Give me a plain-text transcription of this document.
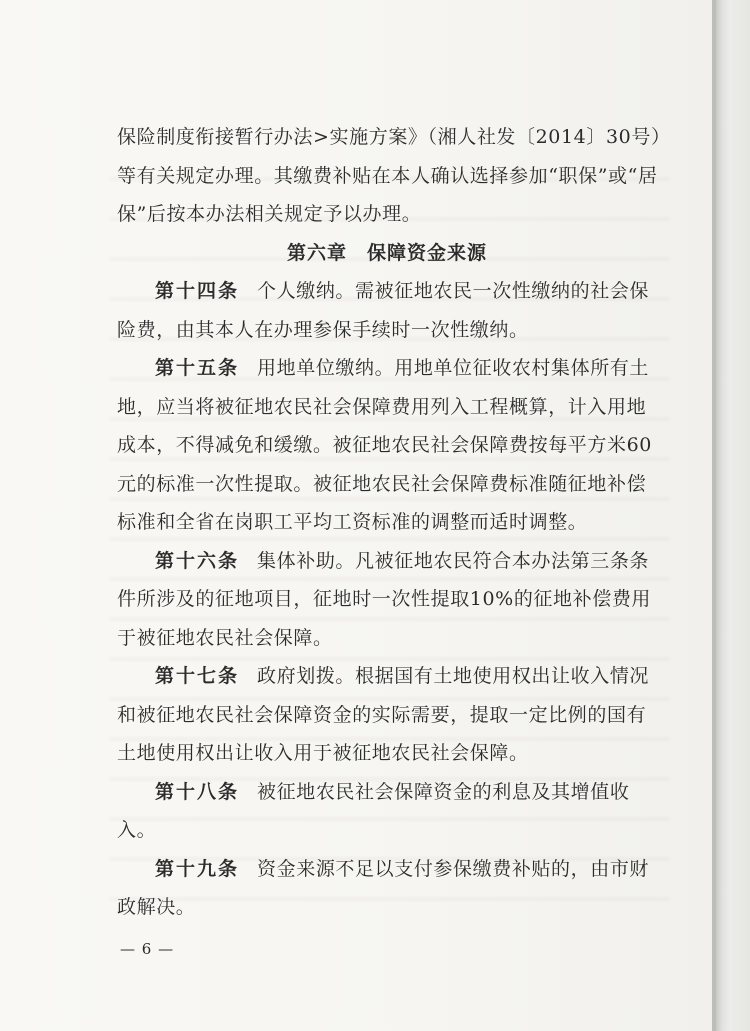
保险制度衔接暂行办法>实施方案》（湘人社发〔2014〕30号）
等有关规定办理。其缴费补贴在本人确认选择参加“职保”或“居
保”后按本办法相关规定予以办理。
第六章　保障资金来源
第十四条 个人缴纳。需被征地农民一次性缴纳的社会保
险费，由其本人在办理参保手续时一次性缴纳。
第十五条 用地单位缴纳。用地单位征收农村集体所有土
地，应当将被征地农民社会保障费用列入工程概算，计入用地
成本，不得减免和缓缴。被征地农民社会保障费按每平方米60
元的标准一次性提取。被征地农民社会保障费标准随征地补偿
标准和全省在岗职工平均工资标准的调整而适时调整。
第十六条 集体补助。凡被征地农民符合本办法第三条条
件所涉及的征地项目，征地时一次性提取10%的征地补偿费用
于被征地农民社会保障。
第十七条 政府划拨。根据国有土地使用权出让收入情况
和被征地农民社会保障资金的实际需要，提取一定比例的国有
土地使用权出让收入用于被征地农民社会保障。
第十八条 被征地农民社会保障资金的利息及其增值收
入。
第十九条 资金来源不足以支付参保缴费补贴的，由市财
政解决。
— 6 —
